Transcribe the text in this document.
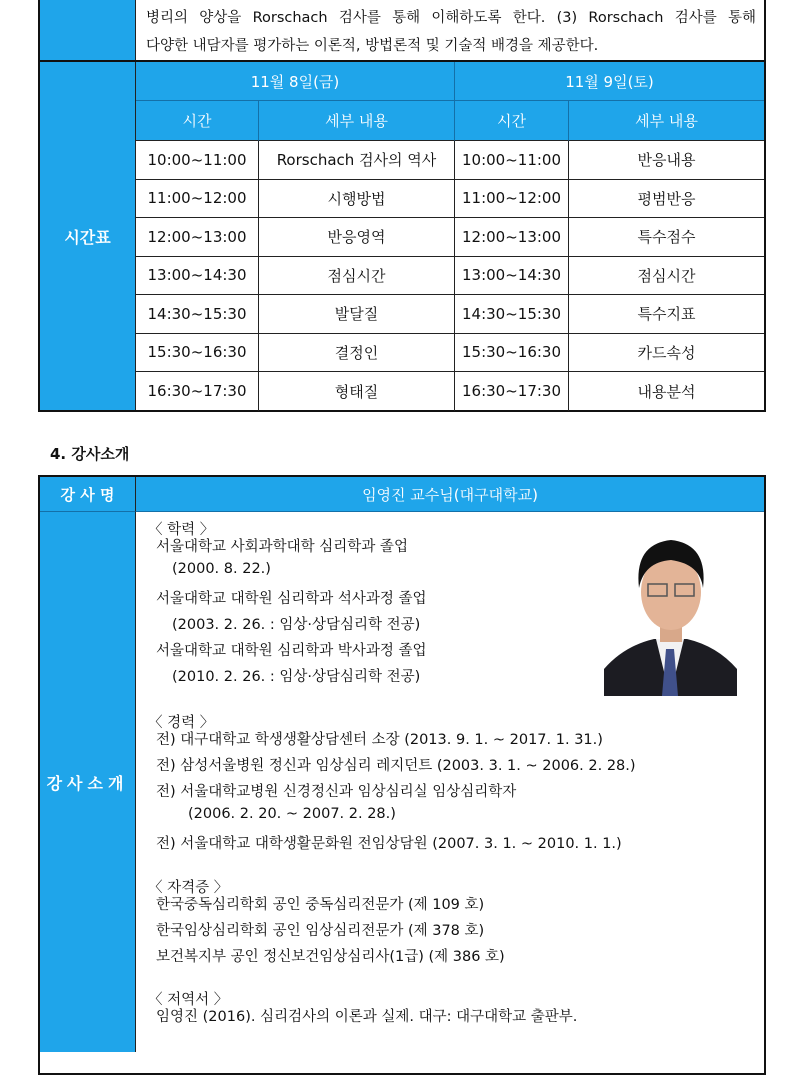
병리의 양상을 Rorschach 검사를 통해 이해하도록 한다. (3) Rorschach 검사를 통해
다양한 내담자를 평가하는 이론적, 방법론적 및 기술적 배경을 제공한다.
시간표
11월 8일(금)	11월 9일(토)
시간	세부 내용	시간	세부 내용
10:00~11:00	Rorschach 검사의 역사	10:00~11:00	반응내용
11:00~12:00	시행방법	11:00~12:00	평범반응
12:00~13:00	반응영역	12:00~13:00	특수점수
13:00~14:30	점심시간	13:00~14:30	점심시간
14:30~15:30	발달질	14:30~15:30	특수지표
15:30~16:30	결정인	15:30~16:30	카드속성
16:30~17:30	형태질	16:30~17:30	내용분석
4. 강사소개
강 사 명	임영진 교수님(대구대학교)
강사소개
〈 학력 〉
서울대학교 사회과학대학 심리학과 졸업
(2000. 8. 22.)
서울대학교 대학원 심리학과 석사과정 졸업
(2003. 2. 26. : 임상·상담심리학 전공)
서울대학교 대학원 심리학과 박사과정 졸업
(2010. 2. 26. : 임상·상담심리학 전공)
〈 경력 〉
전) 대구대학교 학생생활상담센터 소장 (2013. 9. 1. ~ 2017. 1. 31.)
전) 삼성서울병원 정신과 임상심리 레지던트 (2003. 3. 1. ~ 2006. 2. 28.)
전) 서울대학교병원 신경정신과 임상심리실 임상심리학자
(2006. 2. 20. ~ 2007. 2. 28.)
전) 서울대학교 대학생활문화원 전임상담원 (2007. 3. 1. ~ 2010. 1. 1.)
〈 자격증 〉
한국중독심리학회 공인 중독심리전문가 (제 109 호)
한국임상심리학회 공인 임상심리전문가 (제 378 호)
보건복지부 공인 정신보건임상심리사(1급) (제 386 호)
〈 저역서 〉
임영진 (2016). 심리검사의 이론과 실제. 대구: 대구대학교 출판부.
